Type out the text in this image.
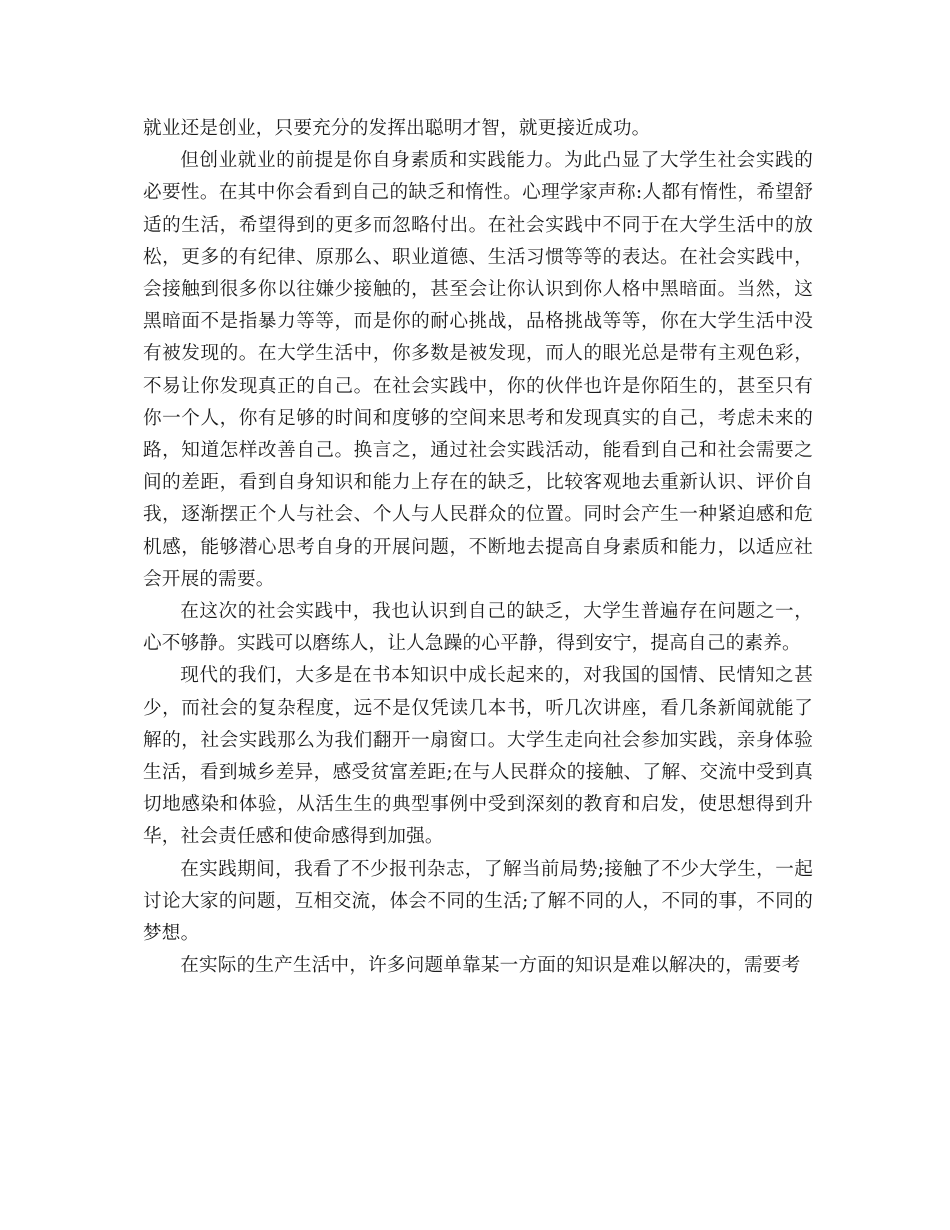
就业还是创业，只要充分的发挥出聪明才智，就更接近成功。

但创业就业的前提是你自身素质和实践能力。为此凸显了大学生社会实践的必要性。在其中你会看到自己的缺乏和惰性。心理学家声称:人都有惰性，希望舒适的生活，希望得到的更多而忽略付出。在社会实践中不同于在大学生活中的放松，更多的有纪律、原那么、职业道德、生活习惯等等的表达。在社会实践中，会接触到很多你以往嫌少接触的，甚至会让你认识到你人格中黑暗面。当然，这黑暗面不是指暴力等等，而是你的耐心挑战，品格挑战等等，你在大学生活中没有被发现的。在大学生活中，你多数是被发现，而人的眼光总是带有主观色彩，不易让你发现真正的自己。在社会实践中，你的伙伴也许是你陌生的，甚至只有你一个人，你有足够的时间和度够的空间来思考和发现真实的自己，考虑未来的路，知道怎样改善自己。换言之，通过社会实践活动，能看到自己和社会需要之间的差距，看到自身知识和能力上存在的缺乏，比较客观地去重新认识、评价自我，逐渐摆正个人与社会、个人与人民群众的位置。同时会产生一种紧迫感和危机感，能够潜心思考自身的开展问题，不断地去提高自身素质和能力，以适应社会开展的需要。

在这次的社会实践中，我也认识到自己的缺乏，大学生普遍存在问题之一，心不够静。实践可以磨练人，让人急躁的心平静，得到安宁，提高自己的素养。

现代的我们，大多是在书本知识中成长起来的，对我国的国情、民情知之甚少，而社会的复杂程度，远不是仅凭读几本书，听几次讲座，看几条新闻就能了解的，社会实践那么为我们翻开一扇窗口。大学生走向社会参加实践，亲身体验生活，看到城乡差异，感受贫富差距;在与人民群众的接触、了解、交流中受到真切地感染和体验，从活生生的典型事例中受到深刻的教育和启发，使思想得到升华，社会责任感和使命感得到加强。

在实践期间，我看了不少报刊杂志，了解当前局势;接触了不少大学生，一起讨论大家的问题，互相交流，体会不同的生活;了解不同的人，不同的事，不同的梦想。

在实际的生产生活中，许多问题单靠某一方面的知识是难以解决的，需要考
